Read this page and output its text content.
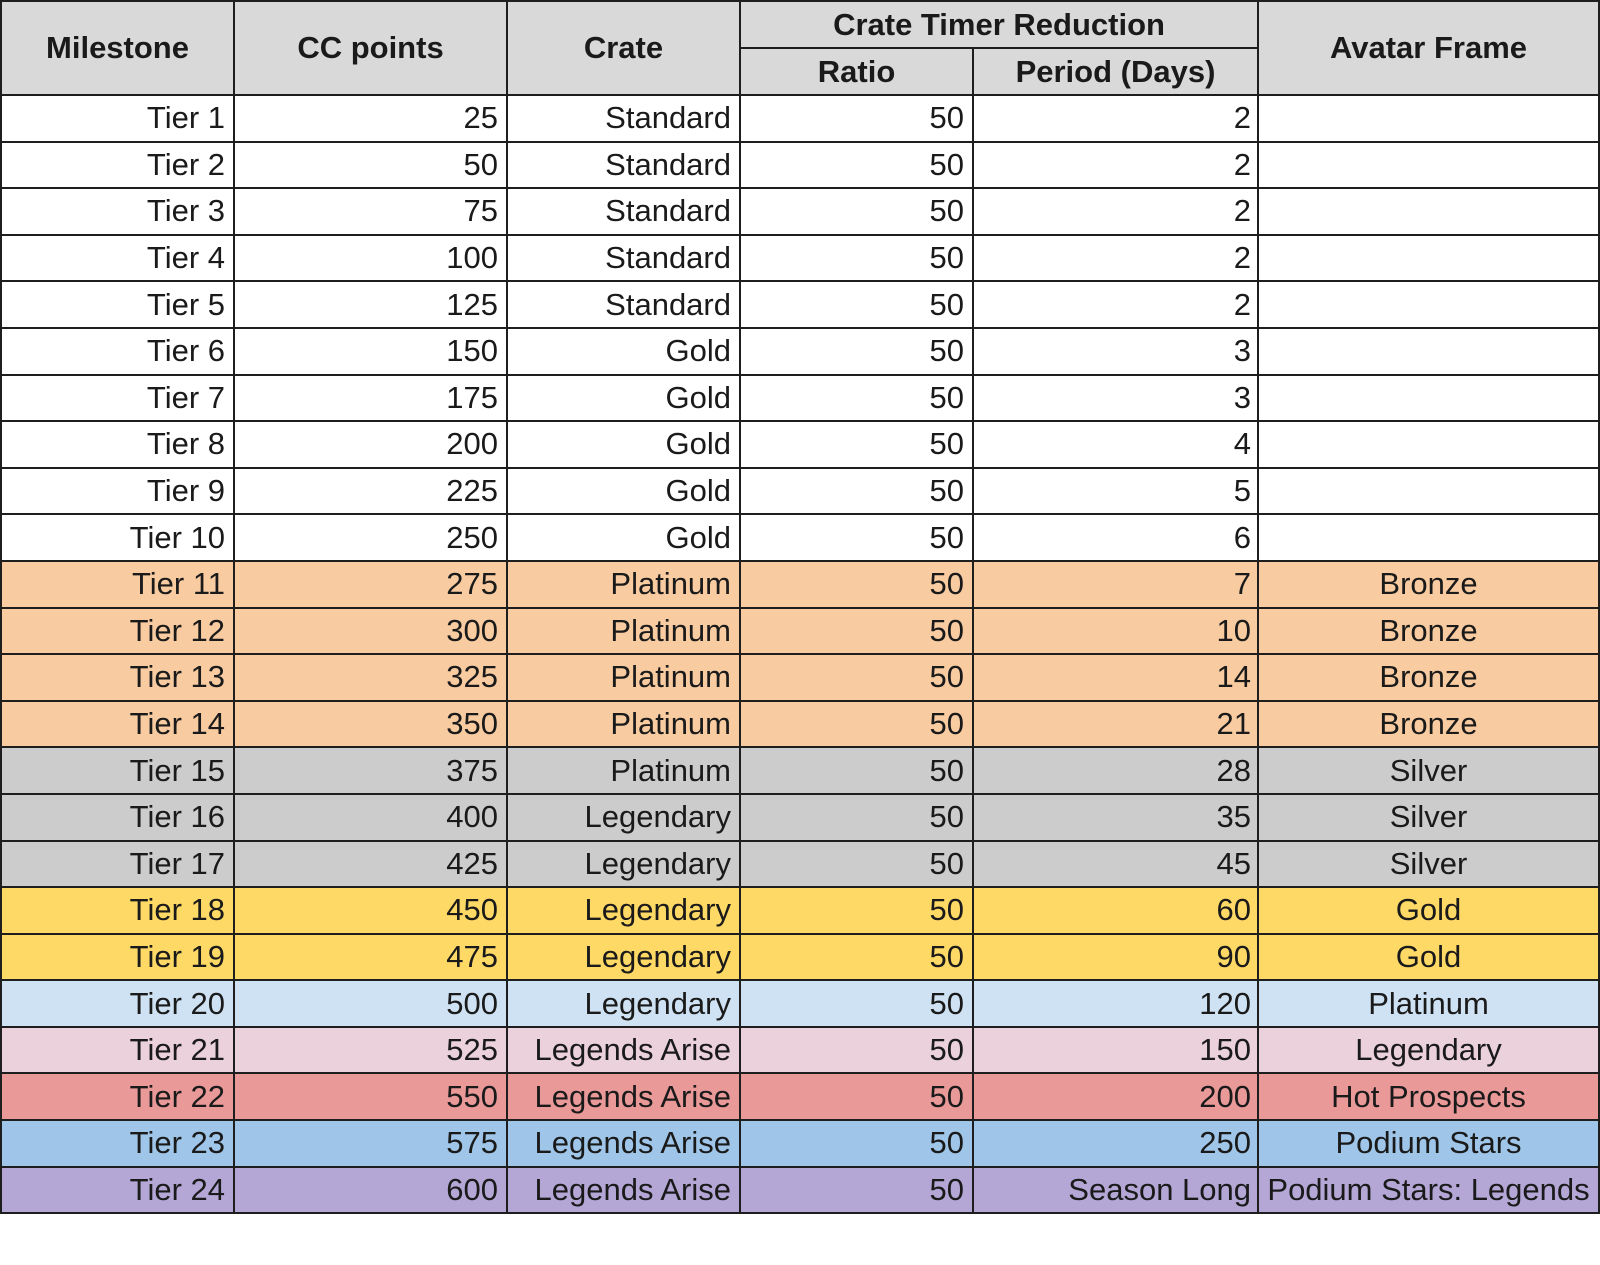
Milestone	CC points	Crate	Crate Timer Reduction		Avatar Frame
			Ratio	Period (Days)	
Tier 1	25	Standard	50	2	
Tier 2	50	Standard	50	2	
Tier 3	75	Standard	50	2	
Tier 4	100	Standard	50	2	
Tier 5	125	Standard	50	2	
Tier 6	150	Gold	50	3	
Tier 7	175	Gold	50	3	
Tier 8	200	Gold	50	4	
Tier 9	225	Gold	50	5	
Tier 10	250	Gold	50	6	
Tier 11	275	Platinum	50	7	Bronze
Tier 12	300	Platinum	50	10	Bronze
Tier 13	325	Platinum	50	14	Bronze
Tier 14	350	Platinum	50	21	Bronze
Tier 15	375	Platinum	50	28	Silver
Tier 16	400	Legendary	50	35	Silver
Tier 17	425	Legendary	50	45	Silver
Tier 18	450	Legendary	50	60	Gold
Tier 19	475	Legendary	50	90	Gold
Tier 20	500	Legendary	50	120	Platinum
Tier 21	525	Legends Arise	50	150	Legendary
Tier 22	550	Legends Arise	50	200	Hot Prospects
Tier 23	575	Legends Arise	50	250	Podium Stars
Tier 24	600	Legends Arise	50	Season Long	Podium Stars: Legends
